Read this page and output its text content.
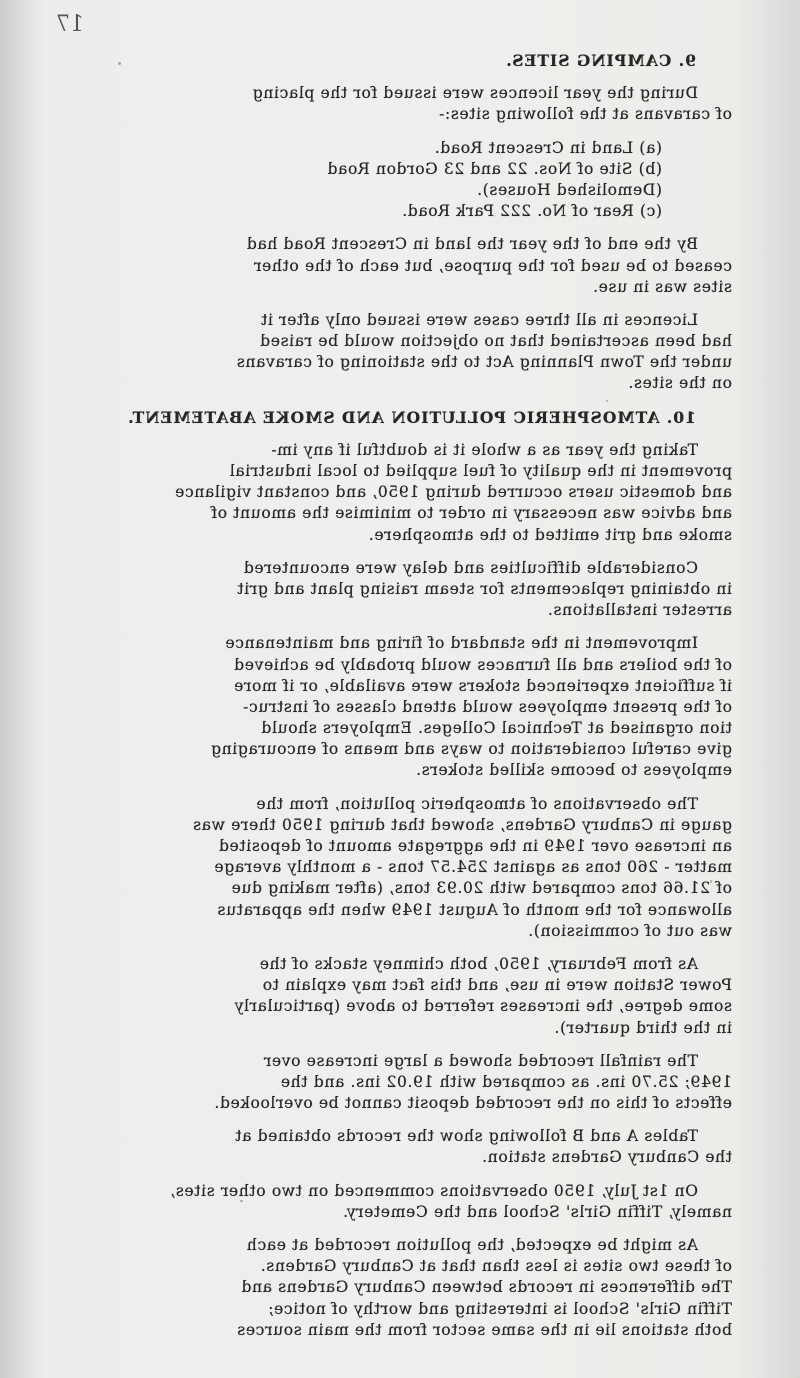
17
9. CAMPING SITES.
During the year licences were issued for the placing
of caravans at the following sites:-
(a) Land in Crescent Road.
(b) Site of Nos. 22 and 23 Gordon Road
(Demolished Houses).
(c) Rear of No. 222 Park Road.
By the end of the year the land in Crescent Road had
ceased to be used for the purpose, but each of the other
sites was in use.
Licences in all three cases were issued only after it
had been ascertained that no objection would be raised
under the Town Planning Act to the stationing of caravans
on the sites.
10. ATMOSPHERIC POLLUTION AND SMOKE ABATEMENT.
Taking the year as a whole it is doubtful if any im-
provement in the quality of fuel supplied to local industrial
and domestic users occurred during 1950, and constant vigilance
and advice was necessary in order to minimise the amount of
smoke and grit emitted to the atmosphere.
Considerable difficulties and delay were encountered
in obtaining replacements for steam raising plant and grit
arrester installations.
Improvement in the standard of firing and maintenance
of the boilers and all furnaces would probably be achieved
if sufficient experienced stokers were available, or if more
of the present employees would attend classes of instruc-
tion organised at Technical Colleges. Employers should
give careful consideration to ways and means of encouraging
employees to become skilled stokers.
The observations of atmospheric pollution, from the
gauge in Canbury Gardens, showed that during 1950 there was
an increase over 1949 in the aggregate amount of deposited
matter - 260 tons as against 254.57 tons - a monthly average
of 21.66 tons compared with 20.93 tons, (after making due
allowance for the month of August 1949 when the apparatus
was out of commission).
As from February, 1950, both chimney stacks of the
Power Station were in use, and this fact may explain to
some degree, the increases referred to above (particularly
in the third quarter).
The rainfall recorded showed a large increase over
1949; 25.70 ins. as compared with 19.02 ins. and the
effects of this on the recorded deposit cannot be overlooked.
Tables A and B following show the records obtained at
the Canbury Gardens station.
On 1st July, 1950 observations commenced on two other sites,
namely, Tiffin Girls' School and the Cemetery.
As might be expected, the pollution recorded at each
of these two sites is less than that at Canbury Gardens.
The differences in records between Canbury Gardens and
Tiffin Girls' School is interesting and worthy of notice;
both stations lie in the same sector from the main sources
